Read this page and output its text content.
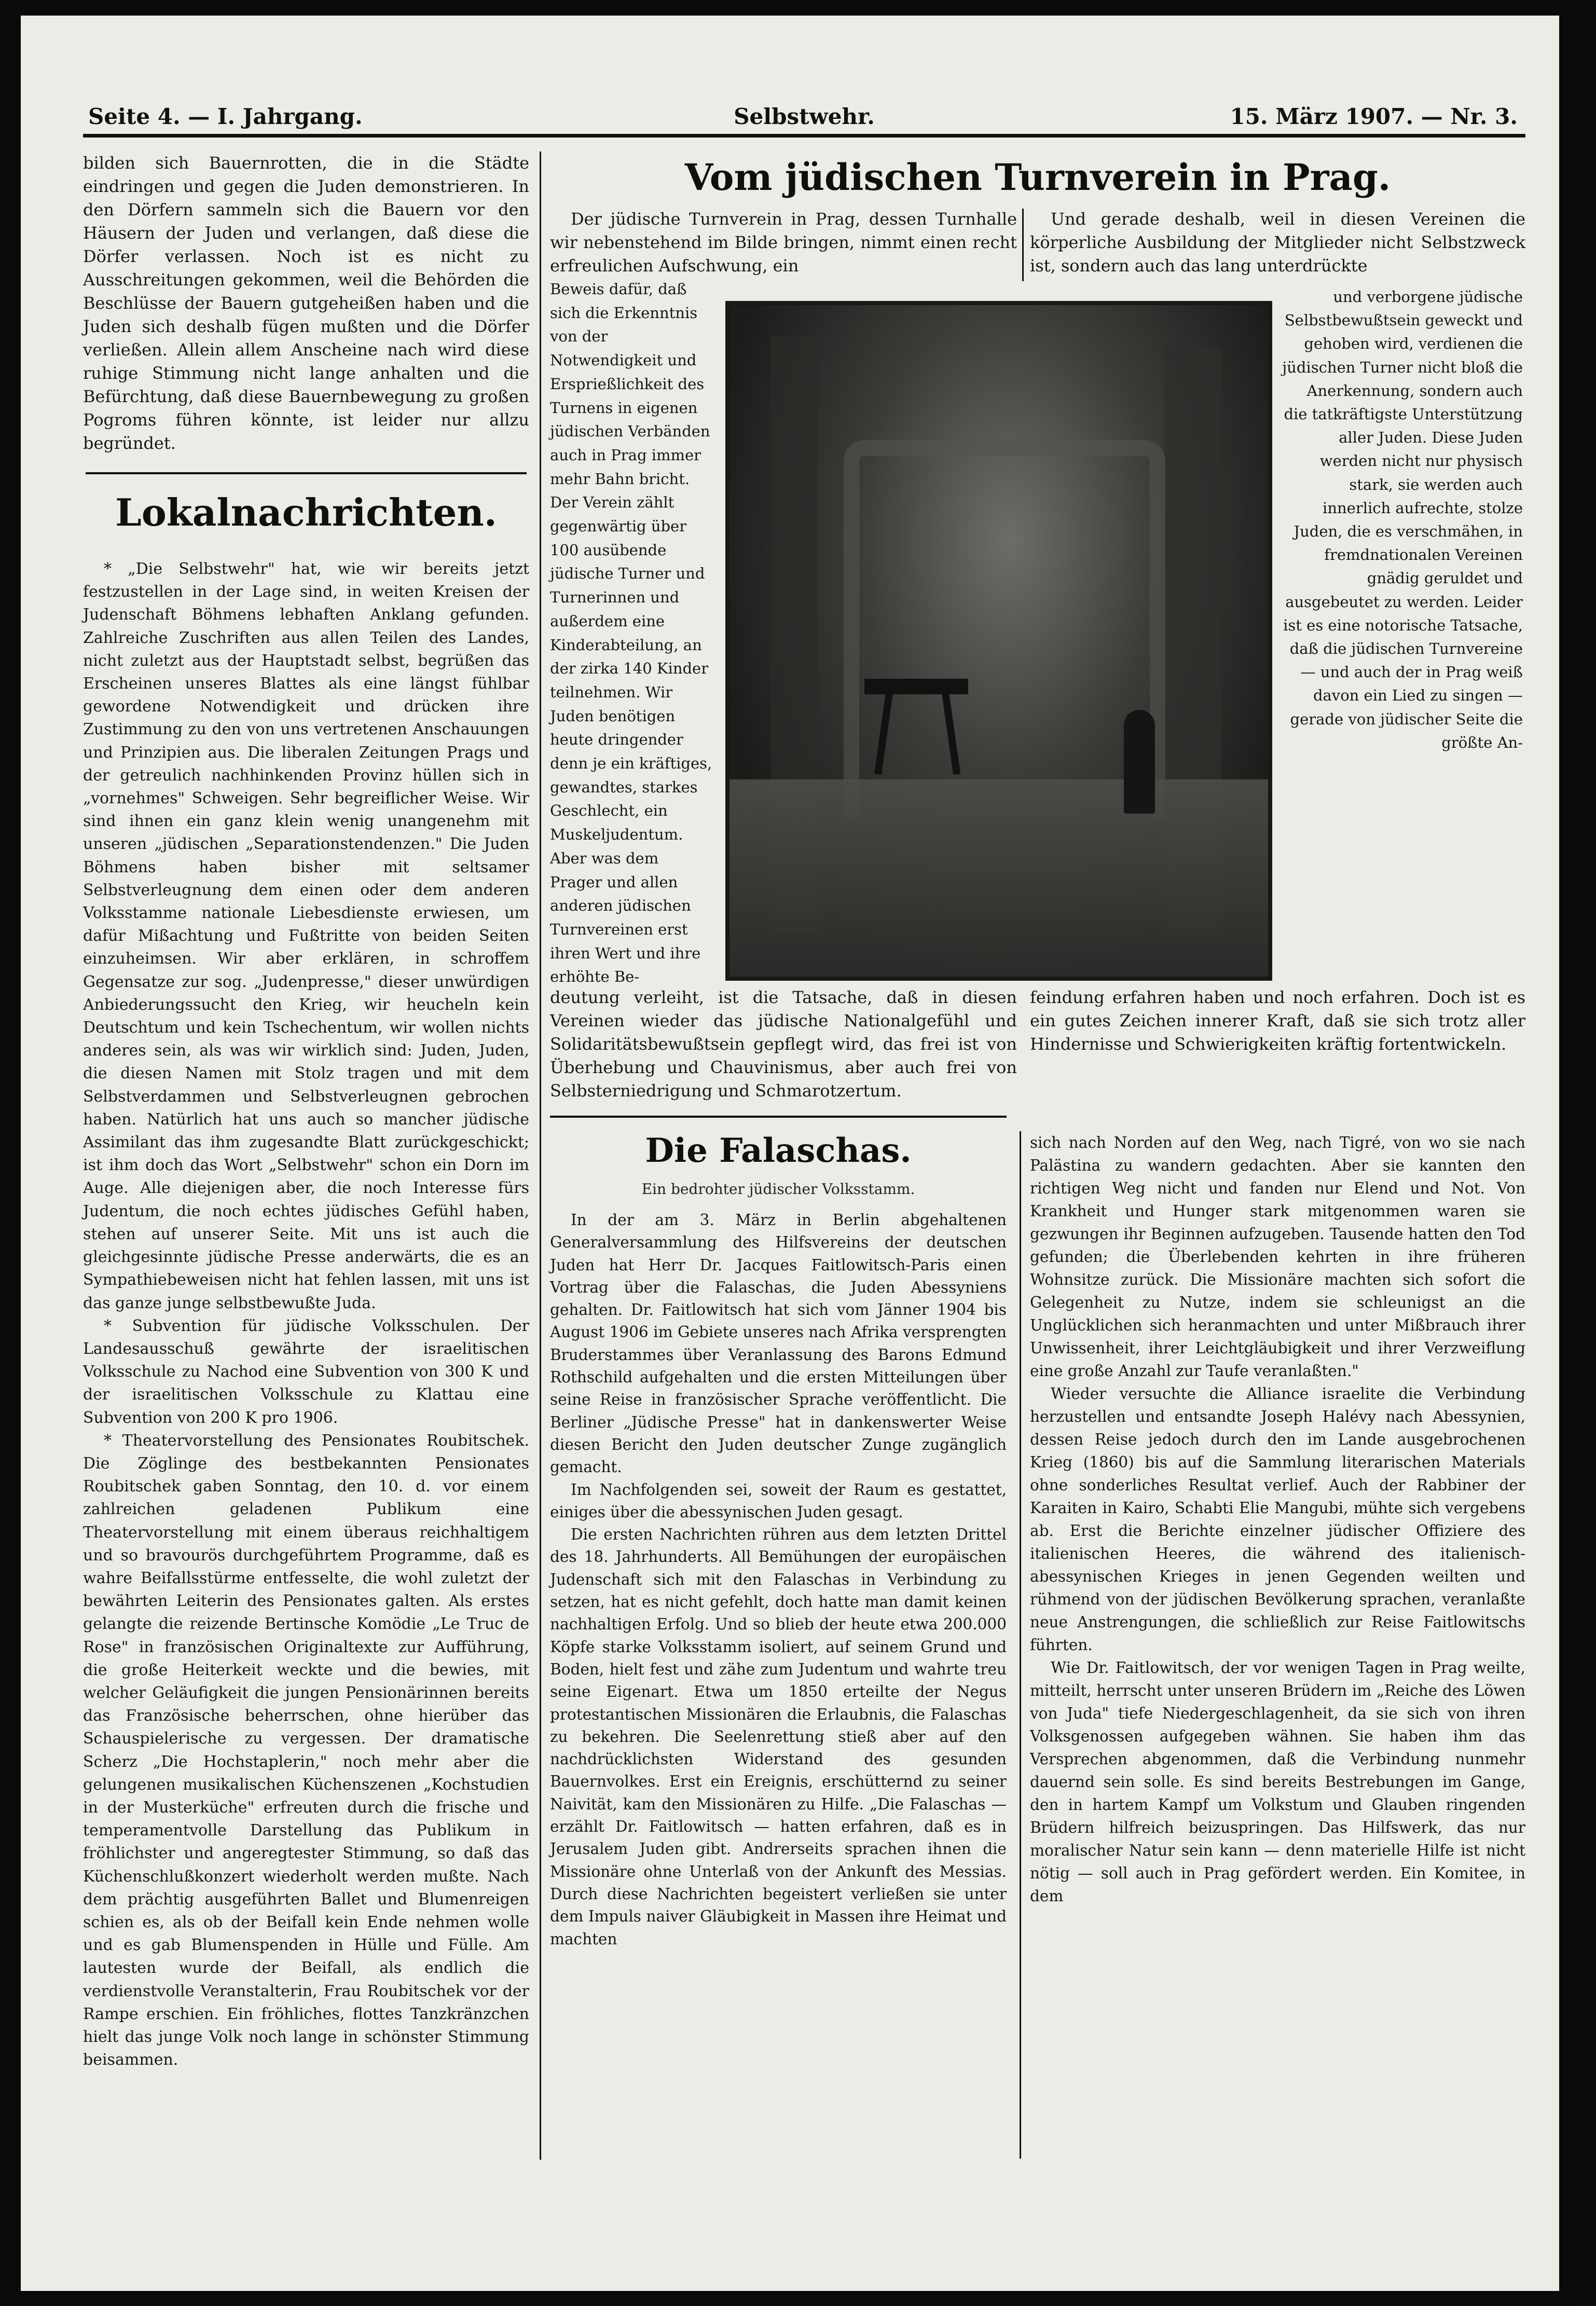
Seite 4. — I. Jahrgang.	Selbstwehr.	15. März 1907. — Nr. 3.

bilden sich Bauernrotten, die in die Städte eindringen und gegen die Juden demonstrieren. In den Dörfern sammeln sich die Bauern vor den Häusern der Juden und verlangen, daß diese die Dörfer verlassen. Noch ist es nicht zu Ausschreitungen gekommen, weil die Behörden die Beschlüsse der Bauern gutgeheißen haben und die Juden sich deshalb fügen mußten und die Dörfer verließen. Allein allem Anscheine nach wird diese ruhige Stimmung nicht lange anhalten und die Befürchtung, daß diese Bauernbewegung zu großen Pogroms führen könnte, ist leider nur allzu begründet.

Lokalnachrichten.

* „Die Selbstwehr" hat, wie wir bereits jetzt festzustellen in der Lage sind, in weiten Kreisen der Judenschaft Böhmens lebhaften Anklang gefunden. Zahlreiche Zuschriften aus allen Teilen des Landes, nicht zuletzt aus der Hauptstadt selbst, begrüßen das Erscheinen unseres Blattes als eine längst fühlbar gewordene Notwendigkeit und drücken ihre Zustimmung zu den von uns vertretenen Anschauungen und Prinzipien aus. Die liberalen Zeitungen Prags und der getreulich nachhinkenden Provinz hüllen sich in „vornehmes" Schweigen. Sehr begreiflicher Weise. Wir sind ihnen ein ganz klein wenig unangenehm mit unseren „jüdischen „Separationstendenzen." Die Juden Böhmens haben bisher mit seltsamer Selbstverleugnung dem einen oder dem anderen Volksstamme nationale Liebesdienste erwiesen, um dafür Mißachtung und Fußtritte von beiden Seiten einzuheimsen. Wir aber erklären, in schroffem Gegensatze zur sog. „Judenpresse," dieser unwürdigen Anbiederungssucht den Krieg, wir heucheln kein Deutschtum und kein Tschechentum, wir wollen nichts anderes sein, als was wir wirklich sind: Juden, Juden, die diesen Namen mit Stolz tragen und mit dem Selbstverdammen und Selbstverleugnen gebrochen haben. Natürlich hat uns auch so mancher jüdische Assimilant das ihm zugesandte Blatt zurückgeschickt; ist ihm doch das Wort „Selbstwehr" schon ein Dorn im Auge. Alle diejenigen aber, die noch Interesse fürs Judentum, die noch echtes jüdisches Gefühl haben, stehen auf unserer Seite. Mit uns ist auch die gleichgesinnte jüdische Presse anderwärts, die es an Sympathiebeweisen nicht hat fehlen lassen, mit uns ist das ganze junge selbstbewußte Juda.

* Subvention für jüdische Volksschulen. Der Landesausschuß gewährte der israelitischen Volksschule zu Nachod eine Subvention von 300 K und der israelitischen Volksschule zu Klattau eine Subvention von 200 K pro 1906.

* Theatervorstellung des Pensionates Roubitschek. Die Zöglinge des bestbekannten Pensionates Roubitschek gaben Sonntag, den 10. d. vor einem zahlreichen geladenen Publikum eine Theatervorstellung mit einem überaus reichhaltigem und so bravourös durchgeführtem Programme, daß es wahre Beifallsstürme entfesselte, die wohl zuletzt der bewährten Leiterin des Pensionates galten. Als erstes gelangte die reizende Bertinsche Komödie „Le Truc de Rose" in französischen Originaltexte zur Aufführung, die große Heiterkeit weckte und die bewies, mit welcher Geläufigkeit die jungen Pensionärinnen bereits das Französische beherrschen, ohne hierüber das Schauspielerische zu vergessen. Der dramatische Scherz „Die Hochstaplerin," noch mehr aber die gelungenen musikalischen Küchenszenen „Kochstudien in der Musterküche" erfreuten durch die frische und temperamentvolle Darstellung das Publikum in fröhlichster und angeregtester Stimmung, so daß das Küchenschlußkonzert wiederholt werden mußte. Nach dem prächtig ausgeführten Ballet und Blumenreigen schien es, als ob der Beifall kein Ende nehmen wolle und es gab Blumenspenden in Hülle und Fülle. Am lautesten wurde der Beifall, als endlich die verdienstvolle Veranstalterin, Frau Roubitschek vor der Rampe erschien. Ein fröhliches, flottes Tanzkränzchen hielt das junge Volk noch lange in schönster Stimmung beisammen.

Vom jüdischen Turnverein in Prag.

Der jüdische Turnverein in Prag, dessen Turnhalle wir nebenstehend im Bilde bringen, nimmt einen recht erfreulichen Aufschwung, ein

Und gerade deshalb, weil in diesen Vereinen die körperliche Ausbildung der Mitglieder nicht Selbstzweck ist, sondern auch das lang unterdrückte

Beweis dafür, daß sich die Erkenntnis von der Notwendigkeit und Ersprießlichkeit des Turnens in eigenen jüdischen Verbänden auch in Prag immer mehr Bahn bricht. Der Verein zählt gegenwärtig über 100 ausübende jüdische Turner und Turnerinnen und außerdem eine Kinderabteilung, an der zirka 140 Kinder teilnehmen. Wir Juden benötigen heute dringender denn je ein kräftiges, gewandtes, starkes Geschlecht, ein Muskeljudentum. Aber was dem Prager und allen anderen jüdischen Turnvereinen erst ihren Wert und ihre erhöhte Be-

und verborgene jüdische Selbstbewußtsein geweckt und gehoben wird, verdienen die jüdischen Turner nicht bloß die Anerkennung, sondern auch die tatkräftigste Unterstützung aller Juden. Diese Juden werden nicht nur physisch stark, sie werden auch innerlich aufrechte, stolze Juden, die es verschmähen, in fremdnationalen Vereinen gnädig geruldet und ausgebeutet zu werden. Leider ist es eine notorische Tatsache, daß die jüdischen Turnvereine — und auch der in Prag weiß davon ein Lied zu singen — gerade von jüdischer Seite die größte An-

deutung verleiht, ist die Tatsache, daß in diesen Vereinen wieder das jüdische Nationalgefühl und Solidaritätsbewußtsein gepflegt wird, das frei ist von Überhebung und Chauvinismus, aber auch frei von Selbsterniedrigung und Schmarotzertum.

feindung erfahren haben und noch erfahren. Doch ist es ein gutes Zeichen innerer Kraft, daß sie sich trotz aller Hindernisse und Schwierigkeiten kräftig fortentwickeln.

Die Falaschas.
Ein bedrohter jüdischer Volksstamm.

In der am 3. März in Berlin abgehaltenen Generalversammlung des Hilfsvereins der deutschen Juden hat Herr Dr. Jacques Faitlowitsch-Paris einen Vortrag über die Falaschas, die Juden Abessyniens gehalten. Dr. Faitlowitsch hat sich vom Jänner 1904 bis August 1906 im Gebiete unseres nach Afrika versprengten Bruderstammes über Veranlassung des Barons Edmund Rothschild aufgehalten und die ersten Mitteilungen über seine Reise in französischer Sprache veröffentlicht. Die Berliner „Jüdische Presse" hat in dankenswerter Weise diesen Bericht den Juden deutscher Zunge zugänglich gemacht.

Im Nachfolgenden sei, soweit der Raum es gestattet, einiges über die abessynischen Juden gesagt.

Die ersten Nachrichten rühren aus dem letzten Drittel des 18. Jahrhunderts. All Bemühungen der europäischen Judenschaft sich mit den Falaschas in Verbindung zu setzen, hat es nicht gefehlt, doch hatte man damit keinen nachhaltigen Erfolg. Und so blieb der heute etwa 200.000 Köpfe starke Volksstamm isoliert, auf seinem Grund und Boden, hielt fest und zähe zum Judentum und wahrte treu seine Eigenart. Etwa um 1850 erteilte der Negus protestantischen Missionären die Erlaubnis, die Falaschas zu bekehren. Die Seelenrettung stieß aber auf den nachdrücklichsten Widerstand des gesunden Bauernvolkes. Erst ein Ereignis, erschütternd zu seiner Naivität, kam den Missionären zu Hilfe. „Die Falaschas — erzählt Dr. Faitlowitsch — hatten erfahren, daß es in Jerusalem Juden gibt. Andrerseits sprachen ihnen die Missionäre ohne Unterlaß von der Ankunft des Messias. Durch diese Nachrichten begeistert verließen sie unter dem Impuls naiver Gläubigkeit in Massen ihre Heimat und machten

sich nach Norden auf den Weg, nach Tigré, von wo sie nach Palästina zu wandern gedachten. Aber sie kannten den richtigen Weg nicht und fanden nur Elend und Not. Von Krankheit und Hunger stark mitgenommen waren sie gezwungen ihr Beginnen aufzugeben. Tausende hatten den Tod gefunden; die Überlebenden kehrten in ihre früheren Wohnsitze zurück. Die Missionäre machten sich sofort die Gelegenheit zu Nutze, indem sie schleunigst an die Unglücklichen sich heranmachten und unter Mißbrauch ihrer Unwissenheit, ihrer Leichtgläubigkeit und ihrer Verzweiflung eine große Anzahl zur Taufe veranlaßten."

Wieder versuchte die Alliance israelite die Verbindung herzustellen und entsandte Joseph Halévy nach Abessynien, dessen Reise jedoch durch den im Lande ausgebrochenen Krieg (1860) bis auf die Sammlung literarischen Materials ohne sonderliches Resultat verlief. Auch der Rabbiner der Karaiten in Kairo, Schabti Elie Mangubi, mühte sich vergebens ab. Erst die Berichte einzelner jüdischer Offiziere des italienischen Heeres, die während des italienisch-abessynischen Krieges in jenen Gegenden weilten und rühmend von der jüdischen Bevölkerung sprachen, veranlaßte neue Anstrengungen, die schließlich zur Reise Faitlowitschs führten.

Wie Dr. Faitlowitsch, der vor wenigen Tagen in Prag weilte, mitteilt, herrscht unter unseren Brüdern im „Reiche des Löwen von Juda" tiefe Niedergeschlagenheit, da sie sich von ihren Volksgenossen aufgegeben wähnen. Sie haben ihm das Versprechen abgenommen, daß die Verbindung nunmehr dauernd sein solle. Es sind bereits Bestrebungen im Gange, den in hartem Kampf um Volkstum und Glauben ringenden Brüdern hilfreich beizuspringen. Das Hilfswerk, das nur moralischer Natur sein kann — denn materielle Hilfe ist nicht nötig — soll auch in Prag gefördert werden. Ein Komitee, in dem
